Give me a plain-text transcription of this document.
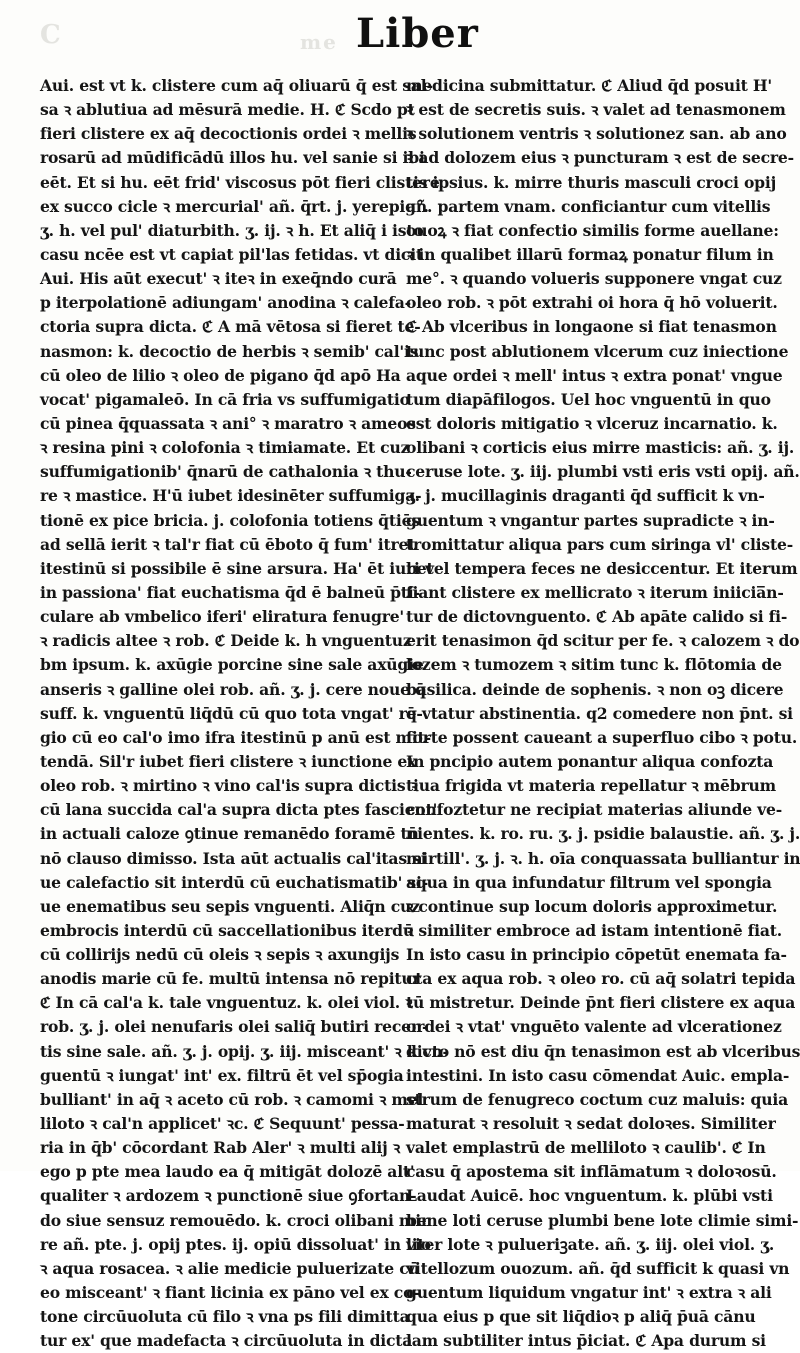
C	me Liber
Aui. est vt k. clistere cum aq̄ oliuarū q̄ est sal-
sa ꝛ ablutiua ad mēsurā medie. H. ℭ Scdo pt
fieri clistere ex aq̄ decoctionis ordei ꝛ mellis
rosarū ad mūdificādū illos hu. vel sanie si ibi
eēt. Et si hu. eēt frid' viscosus pōt fieri clistere
ex succo cicle ꝛ mercurial' añ. q̄rt. j. yerepig°.
ʒ. h. vel pul' diaturbith. ʒ. ij. ꝛ h. Et aliq̄ i isto
casu ncēe est vt capiat pil'las fetidas. vt dicit
Aui. His aūt execut' ꝛ iteꝛ in exeq̄ndo curā
p iterpolationē adiungam' anodina ꝛ calefa-
ctoria supra dicta. ℭ A mā vētosa si fieret te-
nasmon: k. decoctio de herbis ꝛ semib' cal'is
cū oleo de lilio ꝛ oleo de pigano q̄d apō Ha
vocat' pigamaleō. In cā fria vs suffumigatio
cū pinea q̄quassata ꝛ ani° ꝛ maratro ꝛ ameos
ꝛ resina pini ꝛ colofonia ꝛ timiamate. Et cuz
suffumigationib' q̄narū de cathalonia ꝛ thu-
re ꝛ mastice. H'ū iubet idesinēter suffumiga-
tionē ex pice bricia. j. colofonia totiens q̄tiēs
ad sellā ierit ꝛ tal'r fiat cū ēboto q̄ fum' itret
itestinū si possibile ē sine arsura. Ha' ēt iubet
in passiona' fiat euchatisma q̄d ē balneū p̄ti-
culare ab vmbelico iferi' eliratura fenugre'
ꝛ radicis altee ꝛ rob. ℭ Deide k. h vnguentuz
bm ipsum. k. axūgie porcine sine sale axūgie
anseris ꝛ galline olei rob. añ. ʒ. j. cere noue q̄
suff. k. vnguentū liq̄dū cū quo tota vngat' re-
gio cū eo cal'o imo ifra itestinū p anū est mit-
tendā. Sil'r iubet fieri clistere ꝛ iunctione ex
oleo rob. ꝛ mirtino ꝛ vino cal'is supra dictis ꝛ
cū lana succida cal'a supra dicta ptes fascient'
in actuali caloze ꝯtinue remanēdo foramē tn̄
nō clauso dimisso. Ista aūt actualis cal'itas si
ue calefactio sit interdū cū euchatismatib' si-
ue enematibus seu sepis vnguenti. Aliq̄n cuz
embrocis interdū cū saccellationibus iterdū
cū collirijs nedū cū oleis ꝛ sepis ꝛ axungijs
anodis marie cū fe. multū intensa nō repitur
ℭ In cā cal'a k. tale vnguentuz. k. olei viol. ꝛ
rob. ʒ. j. olei nenufaris olei saliq̄ butiri recen-
tis sine sale. añ. ʒ. j. opij. ʒ. iij. misceant' ꝛ k vn-
guentū ꝛ iungat' int' ex. filtrū ēt vel sp̄ogia
bulliant' in aq̄ ꝛ aceto cū rob. ꝛ camomi ꝛ mel
liloto ꝛ cal'n applicet' ꝛc. ℭ Sequunt' pessa-
ria in q̄b' cōcordant Rab Aler' ꝛ multi alij ꝛ
ego p pte mea laudo ea q̄ mitigāt dolozē alt'
qualiter ꝛ ardozem ꝛ punctionē siue ꝯfortan-
do siue sensuz remouēdo. k. croci olibani mir
re añ. pte. j. opij ptes. ij. opiū dissoluat' in vio
ꝛ aqua rosacea. ꝛ alie medicie puluerizate cū
eo misceant' ꝛ fiant licinia ex pāno vel ex co-
tone circūuoluta cū filo ꝛ vna ps fili dimitta
tur ex' que madefacta ꝛ circūuoluta in dicta
medicina submittatur. ℭ Aliud q̄d posuit H'
ꝛ est de secretis suis. ꝛ valet ad tenasmonem
ꝛ solutionem ventris ꝛ solutionez san. ab ano
ꝛ ad dolozem eius ꝛ puncturam ꝛ est de secre-
tis ipsius. k. mirre thuris masculi croci opij
añ. partem vnam. conficiantur cum vitellis
ouoꝝ ꝛ fiat confectio similis forme auellane:
ꝛ in qualibet illarū formaꝝ ponatur filum in
me°. ꝛ quando volueris supponere vngat cuz
oleo rob. ꝛ pōt extrahi oi hora q̄ hō voluerit.
ℭ Ab vlceribus in longaone si fiat tenasmon
tunc post ablutionem vlcerum cuz iniectione
aque ordei ꝛ mell' intus ꝛ extra ponat' vngue
tum diapāfilogos. Uel hoc vnguentū in quo
est doloris mitigatio ꝛ vlceruz incarnatio. k.
olibani ꝛ corticis eius mirre masticis: añ. ʒ. ij.
ceruse lote. ʒ. iij. plumbi vsti eris vsti opij. añ.
ʒ. j. mucillaginis draganti q̄d sufficit k vn-
guentum ꝛ vngantur partes supradicte ꝛ in-
tromittatur aliqua pars cum siringa vl' cliste-
ri vel tempera feces ne desiccentur. Et iterum
fiant clistere ex mellicrato ꝛ iterum iniicia̅n-
tur de dictovnguento. ℭ Ab apāte calido si fi-
erit tenasimon q̄d scitur per fe. ꝛ calozem ꝛ do
lozem ꝛ tumozem ꝛ sitim tunc k. flōtomia de
basilica. deinde de sophenis. ꝛ non oꝫ dicere
q̄ vtatur abstinentia. q2 comedere non p̄nt. si
forte possent caueant a superfluo cibo ꝛ potu.
In pncipio autem ponantur aliqua confozta
tiua frigida vt materia repellatur ꝛ mēbrum
confoztetur ne recipiat materias aliunde ve-
nientes. k. ro. ru. ʒ. j. psidie balaustie. añ. ʒ. j.
mirtill'. ʒ. j. ꝛ. h. oīa conquassata bulliantur in
aqua in qua infundatur filtrum vel spongia
ꝛ continue sup locum doloris approximetur.
ꝛ similiter embroce ad istam intentionē fiat.
In isto casu in principio cōpetūt enemata fa-
cta ex aqua rob. ꝛ oleo ro. cū aq̄ solatri tepida
tū mistretur. Deinde p̄nt fieri clistere ex aqua
ordei ꝛ vtat' vnguēto valente ad vlcerationez
dicto nō est diu q̄n tenasimon est ab vlceribus
intestini. In isto casu cōmendat Auic. empla-
strum de fenugreco coctum cuz maluis: quia
maturat ꝛ resoluit ꝛ sedat doloꝛes. Similiter
valet emplastrū de melliloto ꝛ caulib'. ℭ In
casu q̄ apostema sit inflāmatum ꝛ doloꝛosū.
Laudat Auicē. hoc vnguentum. k. plūbi vsti
bene loti ceruse plumbi bene lote climie simi-
liter lote ꝛ pulueriꝫate. añ. ʒ. iij. olei viol. ʒ.
vitellozum ouozum. añ. q̄d sufficit k quasi vn
guentum liquidum vngatur int' ꝛ extra ꝛ ali
qua eius p que sit liq̄dioꝛ p aliq̄ p̄uā cānu
lam subtiliter intus p̄iciat. ℭ Apa durum si
